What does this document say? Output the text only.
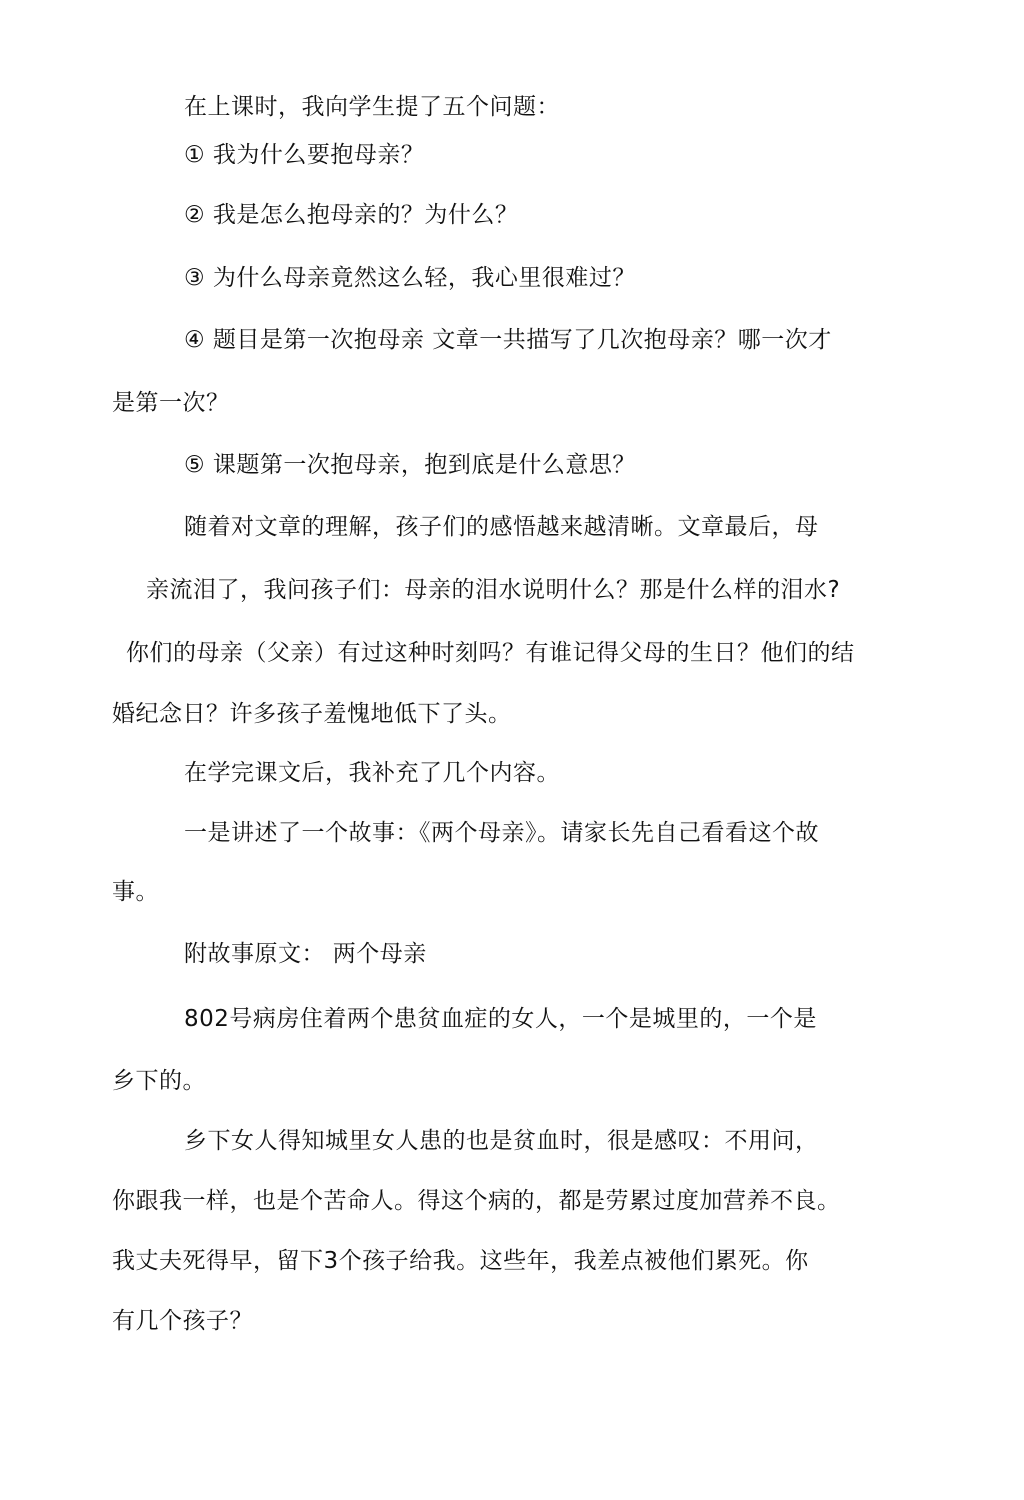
在上课时，我向学生提了五个问题：
① 我为什么要抱母亲？
② 我是怎么抱母亲的？为什么？
③ 为什么母亲竟然这么轻，我心里很难过？
④ 题目是第一次抱母亲 文章一共描写了几次抱母亲？哪一次才
是第一次？
⑤ 课题第一次抱母亲，抱到底是什么意思？
随着对文章的理解，孩子们的感悟越来越清晰。文章最后，母
亲流泪了，我问孩子们：母亲的泪水说明什么？那是什么样的泪水?
你们的母亲（父亲）有过这种时刻吗？有谁记得父母的生日？他们的结
婚纪念日？许多孩子羞愧地低下了头。
在学完课文后，我补充了几个内容。
一是讲述了一个故事：《两个母亲》。请家长先自己看看这个故
事。
附故事原文： 两个母亲
802号病房住着两个患贫血症的女人，一个是城里的，一个是
乡下的。
乡下女人得知城里女人患的也是贫血时，很是感叹：不用问，
你跟我一样，也是个苦命人。得这个病的，都是劳累过度加营养不良。
我丈夫死得早，留下3个孩子给我。这些年，我差点被他们累死。你
有几个孩子？
